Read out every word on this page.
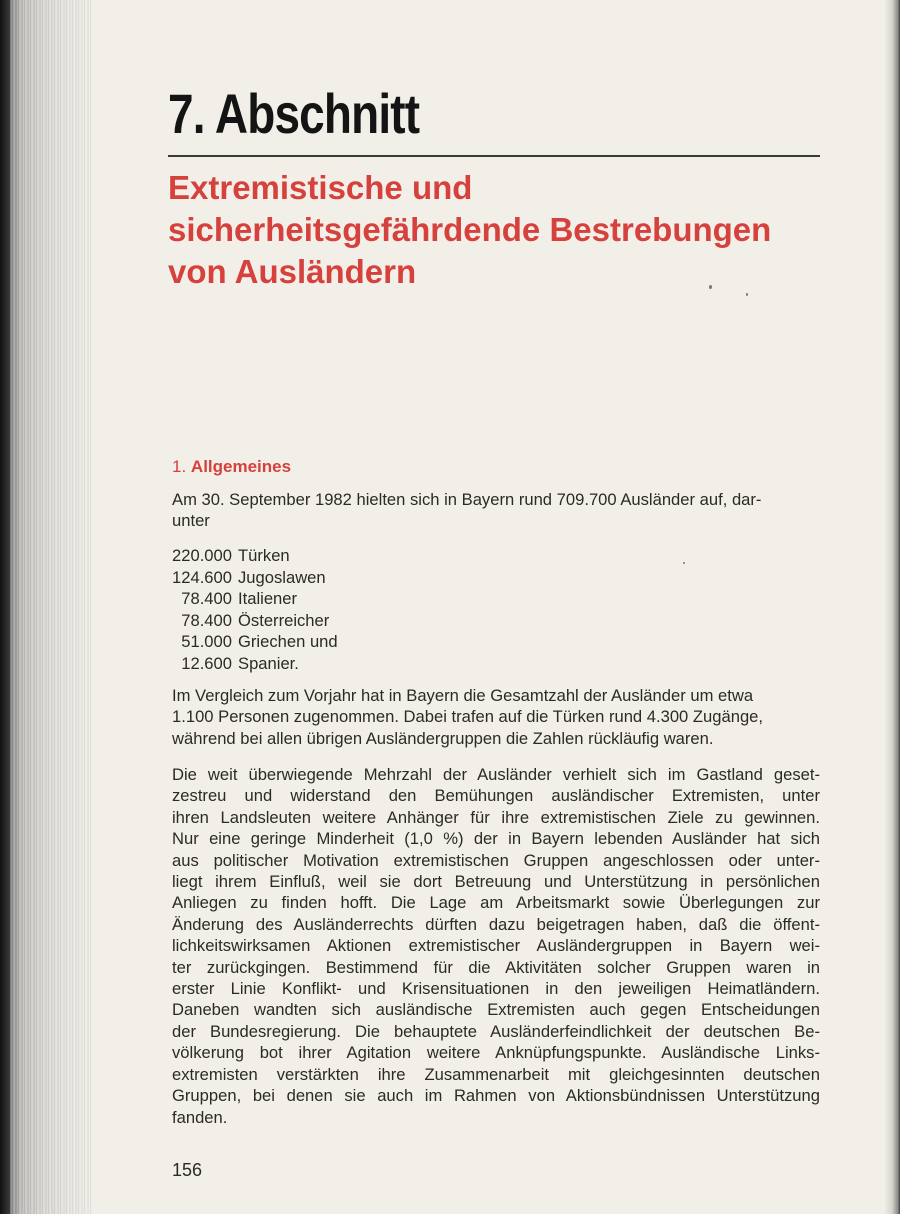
7. Abschnitt
Extremistische und
sicherheitsgefährdende Bestrebungen
von Ausländern
1. Allgemeines
Am 30. September 1982 hielten sich in Bayern rund 709.700 Ausländer auf, dar-
unter
220.000 Türken
124.600 Jugoslawen
78.400 Italiener
78.400 Österreicher
51.000 Griechen und
12.600 Spanier.
Im Vergleich zum Vorjahr hat in Bayern die Gesamtzahl der Ausländer um etwa
1.100 Personen zugenommen. Dabei trafen auf die Türken rund 4.300 Zugänge,
während bei allen übrigen Ausländergruppen die Zahlen rückläufig waren.
Die weit überwiegende Mehrzahl der Ausländer verhielt sich im Gastland geset-
zestreu und widerstand den Bemühungen ausländischer Extremisten, unter
ihren Landsleuten weitere Anhänger für ihre extremistischen Ziele zu gewinnen.
Nur eine geringe Minderheit (1,0 %) der in Bayern lebenden Ausländer hat sich
aus politischer Motivation extremistischen Gruppen angeschlossen oder unter-
liegt ihrem Einfluß, weil sie dort Betreuung und Unterstützung in persönlichen
Anliegen zu finden hofft. Die Lage am Arbeitsmarkt sowie Überlegungen zur
Änderung des Ausländerrechts dürften dazu beigetragen haben, daß die öffent-
lichkeitswirksamen Aktionen extremistischer Ausländergruppen in Bayern wei-
ter zurückgingen. Bestimmend für die Aktivitäten solcher Gruppen waren in
erster Linie Konflikt- und Krisensituationen in den jeweiligen Heimatländern.
Daneben wandten sich ausländische Extremisten auch gegen Entscheidungen
der Bundesregierung. Die behauptete Ausländerfeindlichkeit der deutschen Be-
völkerung bot ihrer Agitation weitere Anknüpfungspunkte. Ausländische Links-
extremisten verstärkten ihre Zusammenarbeit mit gleichgesinnten deutschen
Gruppen, bei denen sie auch im Rahmen von Aktionsbündnissen Unterstützung
fanden.
156
